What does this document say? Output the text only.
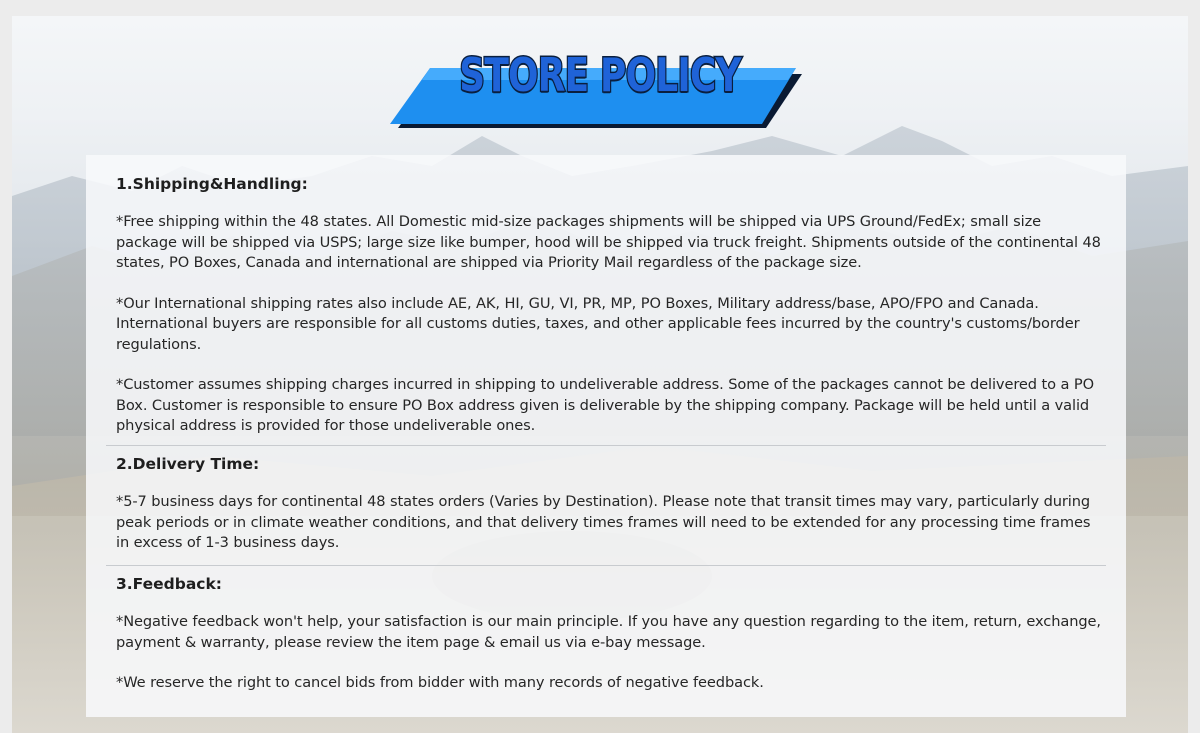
STORE POLICY

1.Shipping&Handling:

*Free shipping within the 48 states. All Domestic mid-size packages shipments will be shipped via UPS Ground/FedEx; small size package will be shipped via USPS; large size like bumper, hood will be shipped via truck freight. Shipments outside of the continental 48 states, PO Boxes, Canada and international are shipped via Priority Mail regardless of the package size.

*Our International shipping rates also include AE, AK, HI, GU, VI, PR, MP, PO Boxes, Military address/base, APO/FPO and Canada. International buyers are responsible for all customs duties, taxes, and other applicable fees incurred by the country's customs/border regulations.

*Customer assumes shipping charges incurred in shipping to undeliverable address. Some of the packages cannot be delivered to a PO Box. Customer is responsible to ensure PO Box address given is deliverable by the shipping company. Package will be held until a valid physical address is provided for those undeliverable ones.

2.Delivery Time:

*5-7 business days for continental 48 states orders (Varies by Destination). Please note that transit times may vary, particularly during peak periods or in climate weather conditions, and that delivery times frames will need to be extended for any processing time frames in excess of 1-3 business days.

3.Feedback:

*Negative feedback won't help, your satisfaction is our main principle. If you have any question regarding to the item, return, exchange, payment & warranty, please review the item page & email us via e-bay message.

*We reserve the right to cancel bids from bidder with many records of negative feedback.
